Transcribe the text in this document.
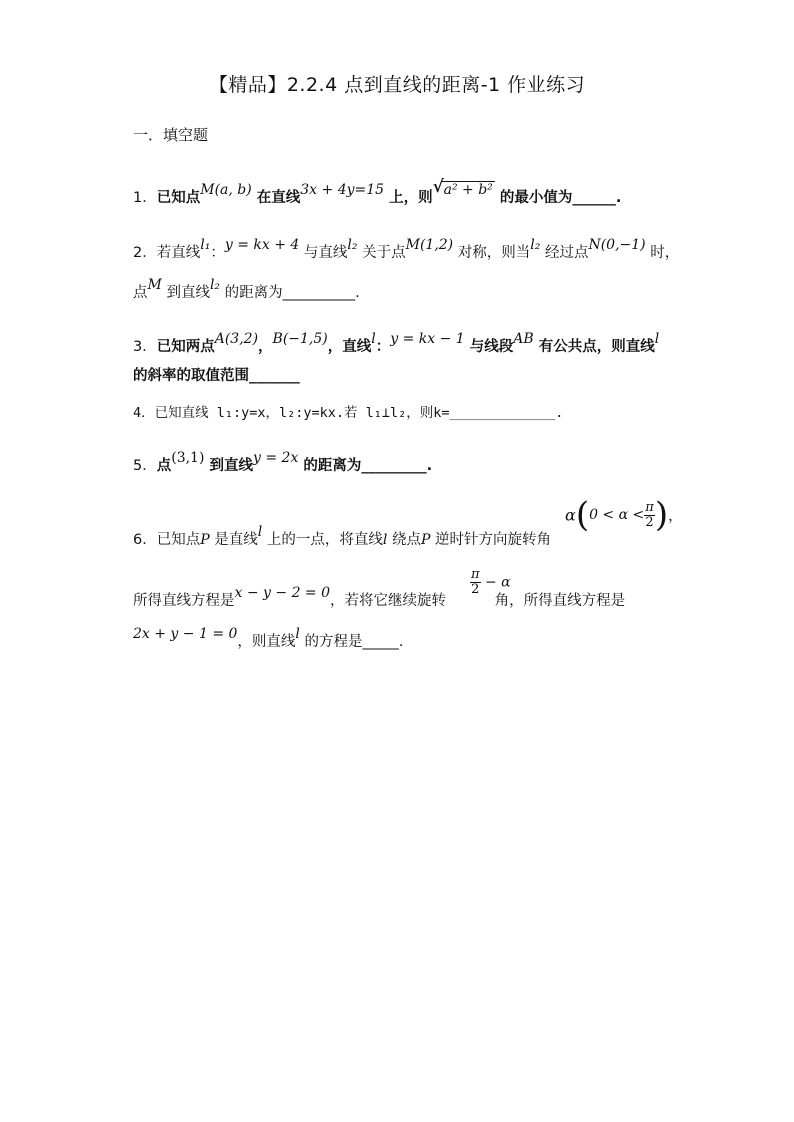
【精品】2.2.4 点到直线的距离-1 作业练习
一．填空题
1．已知点M(a, b) 在直线3x + 4y=15 上，则
√ a² + b² 的最小值为______.
2．若直线l₁：y = kx + 4 与直线l₂ 关于点M(1,2) 对称，则当l₂ 经过点N(0,−1) 时，
点M 到直线l₂ 的距离为__________.
3．已知两点A(3,2)，B(−1,5)，直线l：y = kx − 1 与线段AB 有公共点，则直线l
的斜率的取值范围_______
4．已知直线 l₁:y=x，l₂:y=kx.若 l₁⊥l₂，则k=_____________.
5．点(3,1) 到直线y = 2x 的距离为_________.
6．已知点P 是直线l 上的一点，将直线l 绕点P 逆时针方向旋转角
$\alpha(0 < \alpha < \frac{\pi}{2}$ )，
所得直线方程是x − y − 2 = 0，若将它继续旋转	角，所得直线方程是
$\frac{\pi}{2} - \alpha$
2x + y − 1 = 0，则直线l 的方程是_____.
